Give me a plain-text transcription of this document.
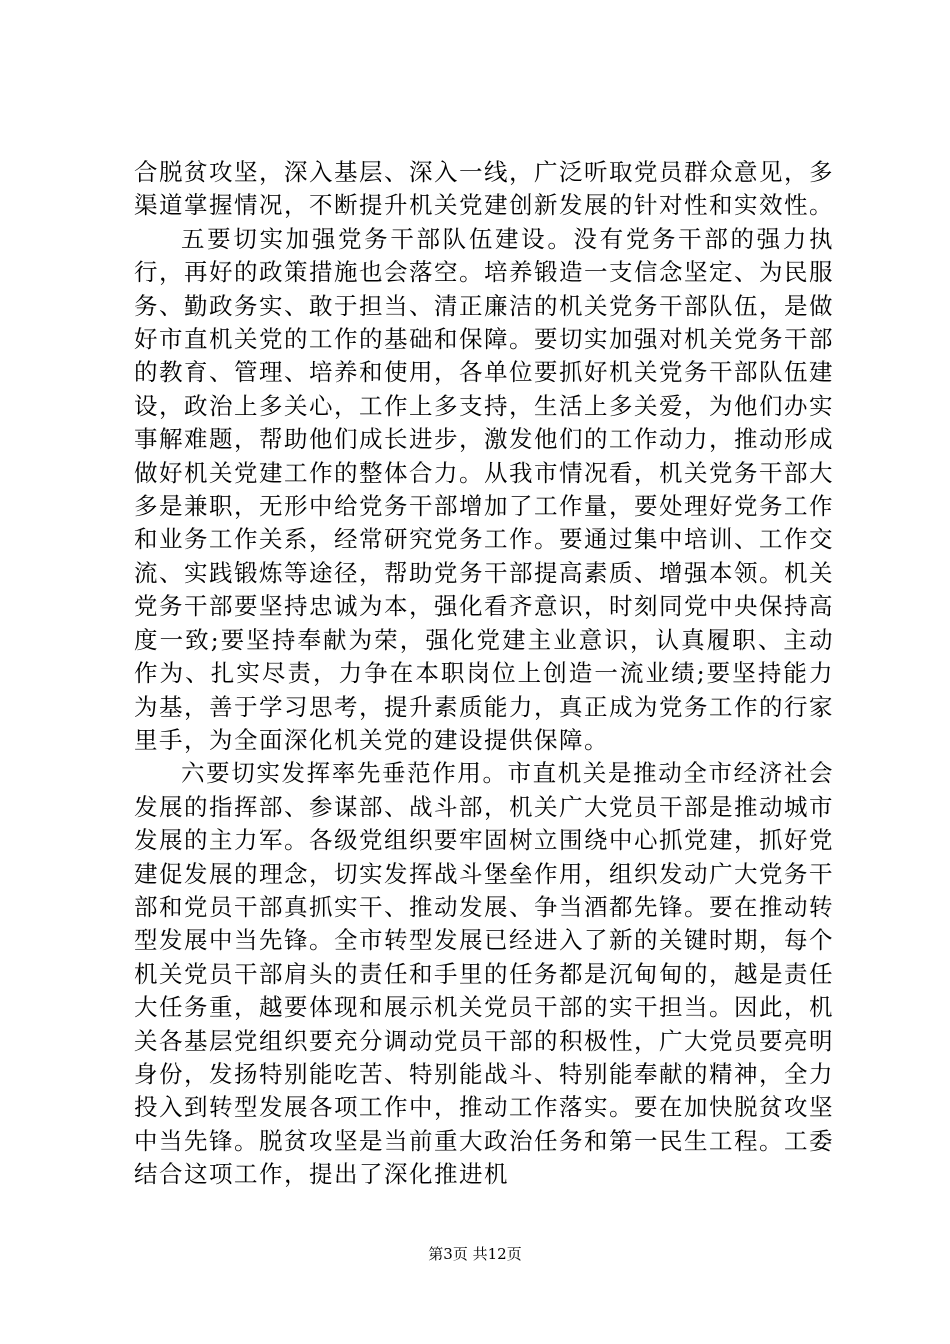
合脱贫攻坚，深入基层、深入一线，广泛听取党员群众意见，多渠道掌握情况，不断提升机关党建创新发展的针对性和实效性。

五要切实加强党务干部队伍建设。没有党务干部的强力执行，再好的政策措施也会落空。培养锻造一支信念坚定、为民服务、勤政务实、敢于担当、清正廉洁的机关党务干部队伍，是做好市直机关党的工作的基础和保障。要切实加强对机关党务干部的教育、管理、培养和使用，各单位要抓好机关党务干部队伍建设，政治上多关心，工作上多支持，生活上多关爱，为他们办实事解难题，帮助他们成长进步，激发他们的工作动力，推动形成做好机关党建工作的整体合力。从我市情况看，机关党务干部大多是兼职，无形中给党务干部增加了工作量，要处理好党务工作和业务工作关系，经常研究党务工作。要通过集中培训、工作交流、实践锻炼等途径，帮助党务干部提高素质、增强本领。机关党务干部要坚持忠诚为本，强化看齐意识，时刻同党中央保持高度一致;要坚持奉献为荣，强化党建主业意识，认真履职、主动作为、扎实尽责，力争在本职岗位上创造一流业绩;要坚持能力为基，善于学习思考，提升素质能力，真正成为党务工作的行家里手，为全面深化机关党的建设提供保障。

六要切实发挥率先垂范作用。市直机关是推动全市经济社会发展的指挥部、参谋部、战斗部，机关广大党员干部是推动城市发展的主力军。各级党组织要牢固树立围绕中心抓党建，抓好党建促发展的理念，切实发挥战斗堡垒作用，组织发动广大党务干部和党员干部真抓实干、推动发展、争当酒都先锋。要在推动转型发展中当先锋。全市转型发展已经进入了新的关键时期，每个机关党员干部肩头的责任和手里的任务都是沉甸甸的，越是责任大任务重，越要体现和展示机关党员干部的实干担当。因此，机关各基层党组织要充分调动党员干部的积极性，广大党员要亮明身份，发扬特别能吃苦、特别能战斗、特别能奉献的精神，全力投入到转型发展各项工作中，推动工作落实。要在加快脱贫攻坚中当先锋。脱贫攻坚是当前重大政治任务和第一民生工程。工委结合这项工作，提出了深化推进机

第3页 共12页
